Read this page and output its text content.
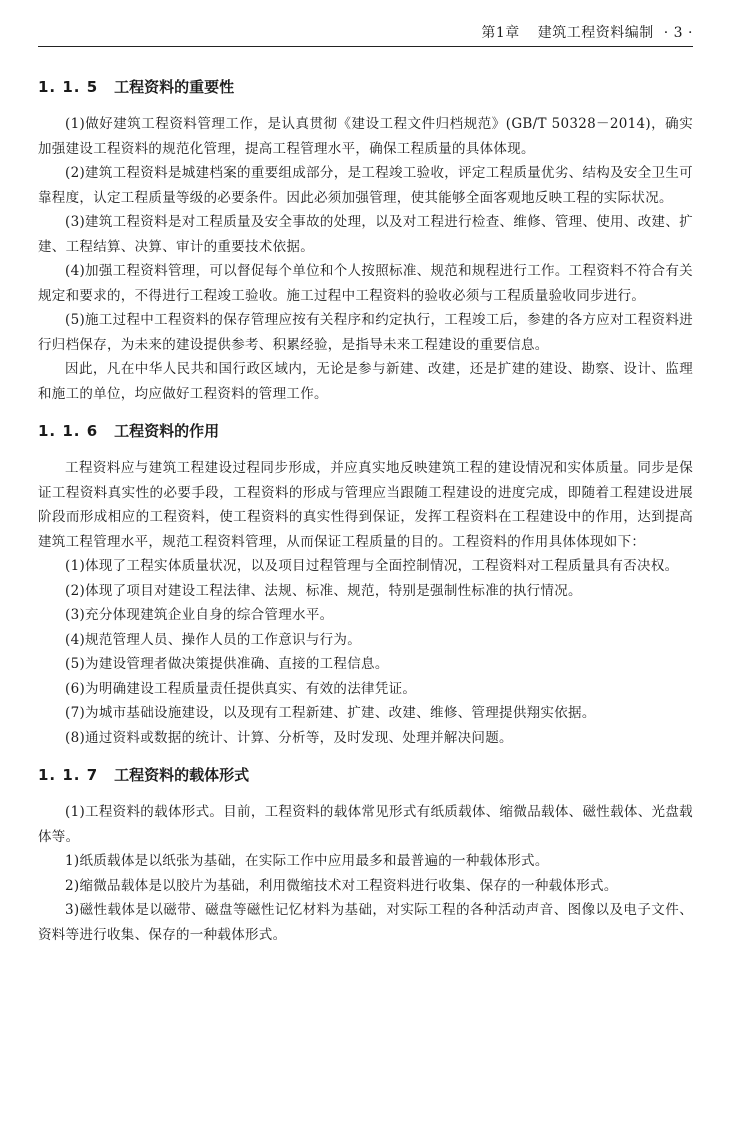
第1章 建筑工程资料编制 · 3 ·
1. 1. 5 工程资料的重要性

(1)做好建筑工程资料管理工作，是认真贯彻《建设工程文件归档规范》(GB/T 50328－2014)，确实加强建设工程资料的规范化管理，提高工程管理水平，确保工程质量的具体体现。

(2)建筑工程资料是城建档案的重要组成部分，是工程竣工验收，评定工程质量优劣、结构及安全卫生可靠程度，认定工程质量等级的必要条件。因此必须加强管理，使其能够全面客观地反映工程的实际状况。

(3)建筑工程资料是对工程质量及安全事故的处理，以及对工程进行检查、维修、管理、使用、改建、扩建、工程结算、决算、审计的重要技术依据。

(4)加强工程资料管理，可以督促每个单位和个人按照标准、规范和规程进行工作。工程资料不符合有关规定和要求的，不得进行工程竣工验收。施工过程中工程资料的验收必须与工程质量验收同步进行。

(5)施工过程中工程资料的保存管理应按有关程序和约定执行，工程竣工后，参建的各方应对工程资料进行归档保存，为未来的建设提供参考、积累经验，是指导未来工程建设的重要信息。

因此，凡在中华人民共和国行政区域内，无论是参与新建、改建，还是扩建的建设、勘察、设计、监理和施工的单位，均应做好工程资料的管理工作。

1. 1. 6 工程资料的作用

工程资料应与建筑工程建设过程同步形成，并应真实地反映建筑工程的建设情况和实体质量。同步是保证工程资料真实性的必要手段，工程资料的形成与管理应当跟随工程建设的进度完成，即随着工程建设进展阶段而形成相应的工程资料，使工程资料的真实性得到保证，发挥工程资料在工程建设中的作用，达到提高建筑工程管理水平，规范工程资料管理，从而保证工程质量的目的。工程资料的作用具体体现如下：

(1)体现了工程实体质量状况，以及项目过程管理与全面控制情况，工程资料对工程质量具有否决权。

(2)体现了项目对建设工程法律、法规、标准、规范，特别是强制性标准的执行情况。

(3)充分体现建筑企业自身的综合管理水平。

(4)规范管理人员、操作人员的工作意识与行为。

(5)为建设管理者做决策提供准确、直接的工程信息。

(6)为明确建设工程质量责任提供真实、有效的法律凭证。

(7)为城市基础设施建设，以及现有工程新建、扩建、改建、维修、管理提供翔实依据。

(8)通过资料或数据的统计、计算、分析等，及时发现、处理并解决问题。

1. 1. 7 工程资料的载体形式

(1)工程资料的载体形式。目前，工程资料的载体常见形式有纸质载体、缩微品载体、磁性载体、光盘载体等。

1)纸质载体是以纸张为基础，在实际工作中应用最多和最普遍的一种载体形式。

2)缩微品载体是以胶片为基础，利用微缩技术对工程资料进行收集、保存的一种载体形式。

3)磁性载体是以磁带、磁盘等磁性记忆材料为基础，对实际工程的各种活动声音、图像以及电子文件、资料等进行收集、保存的一种载体形式。
